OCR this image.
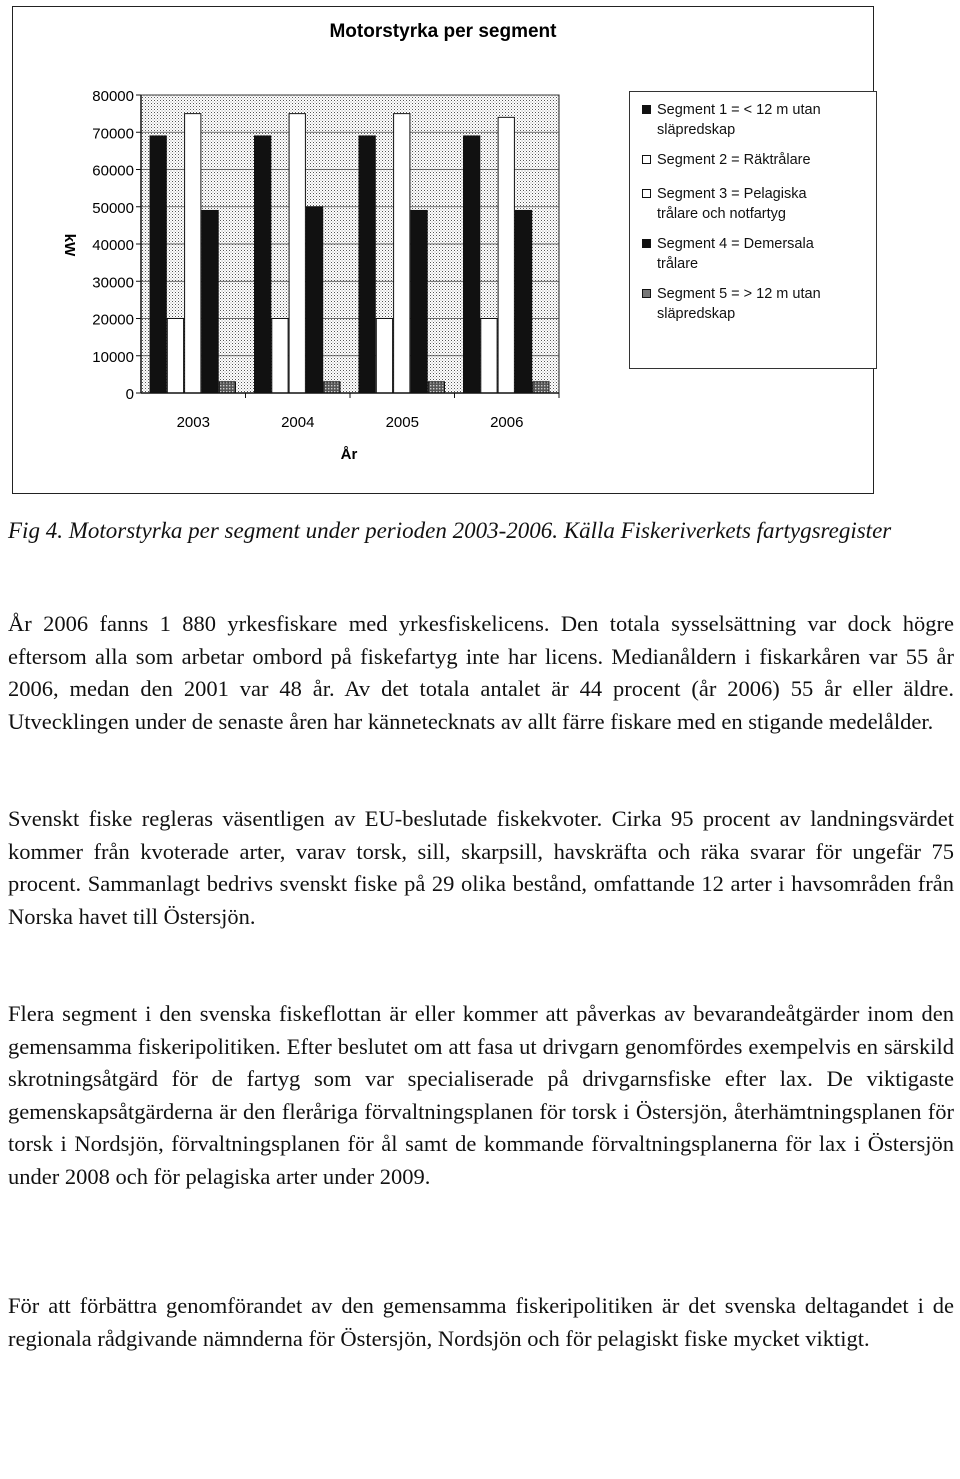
Motorstyrka per segment
0
10000
20000
30000
40000
50000
60000
70000
80000
2003	2004	2005	2006
kW
År
Segment 1 = < 12 m utan
släpredskap
Segment 2 = Räktrålare
Segment 3 = Pelagiska
trålare och notfartyg
Segment 4 = Demersala
trålare
Segment 5 = > 12 m utan
släpredskap
Fig 4. Motorstyrka per segment under perioden 2003-2006. Källa Fiskeriverkets fartygsregister

År 2006 fanns 1 880 yrkesfiskare med yrkesfiskelicens. Den totala sysselsättning var dock högre eftersom alla som arbetar ombord på fiskefartyg inte har licens. Medianåldern i fiskarkåren var 55 år 2006, medan den 2001 var 48 år. Av det totala antalet är 44 procent (år 2006) 55 år eller äldre. Utvecklingen under de senaste åren har kännetecknats av allt färre fiskare med en stigande medelålder.

Svenskt fiske regleras väsentligen av EU-beslutade fiskekvoter. Cirka 95 procent av landningsvärdet kommer från kvoterade arter, varav torsk, sill, skarpsill, havskräfta och räka svarar för ungefär 75 procent. Sammanlagt bedrivs svenskt fiske på 29 olika bestånd, omfattande 12 arter i havsområden från Norska havet till Östersjön.

Flera segment i den svenska fiskeflottan är eller kommer att påverkas av bevarandeåtgärder inom den gemensamma fiskeripolitiken. Efter beslutet om att fasa ut drivgarn genomfördes exempelvis en särskild skrotningsåtgärd för de fartyg som var specialiserade på drivgarnsfiske efter lax. De viktigaste gemenskapsåtgärderna är den fleråriga förvaltningsplanen för torsk i Östersjön, återhämtningsplanen för torsk i Nordsjön, förvaltningsplanen för ål samt de kommande förvaltningsplanerna för lax i Östersjön under 2008 och för pelagiska arter under 2009.

För att förbättra genomförandet av den gemensamma fiskeripolitiken är det svenska deltagandet i de regionala rådgivande nämnderna för Östersjön, Nordsjön och för pelagiskt fiske mycket viktigt.
